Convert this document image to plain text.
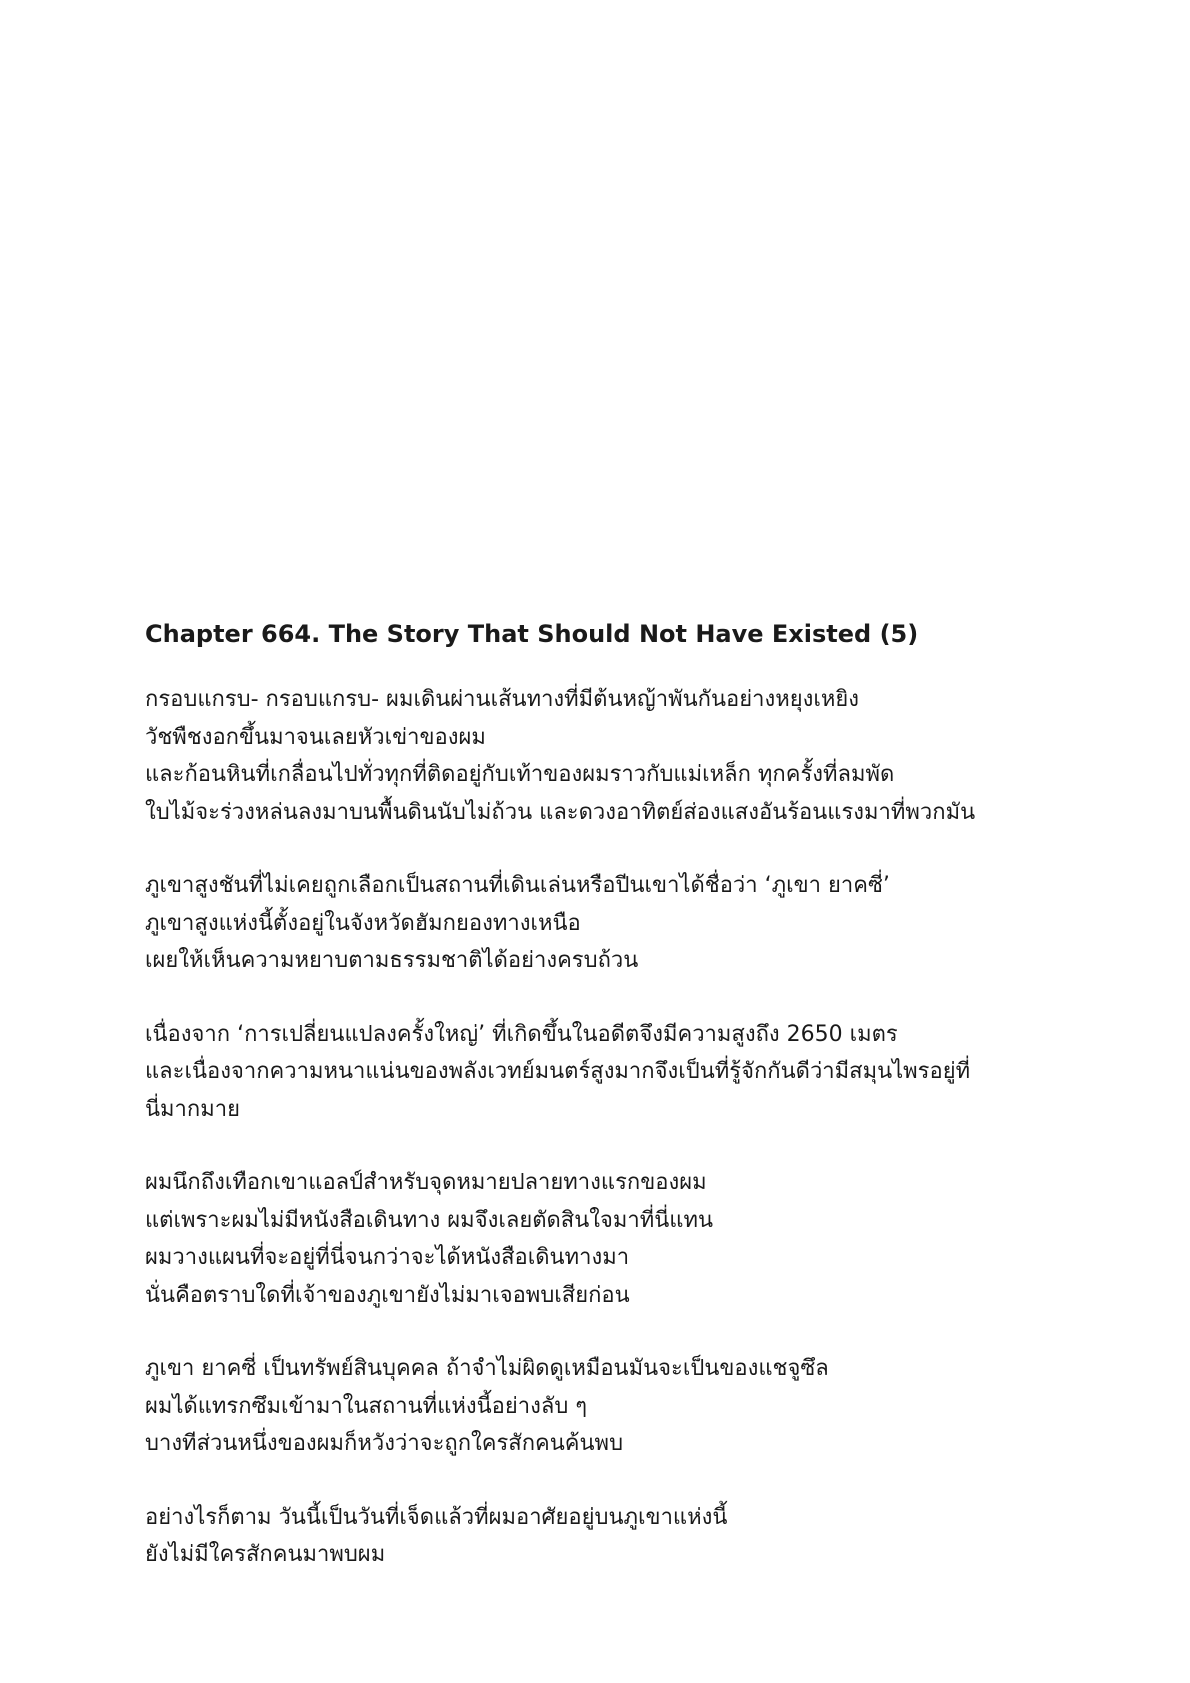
Chapter 664. The Story That Should Not Have Existed (5)
กรอบแกรบ- กรอบแกรบ- ผมเดินผ่านเส้นทางที่มีต้นหญ้าพันกันอย่างหยุงเหยิง
วัชพืชงอกขึ้นมาจนเลยหัวเข่าของผม
และก้อนหินที่เกลื่อนไปทั่วทุกที่ติดอยู่กับเท้าของผมราวกับแม่เหล็ก ทุกครั้งที่ลมพัด
ใบไม้จะร่วงหล่นลงมาบนพื้นดินนับไม่ถ้วน และดวงอาทิตย์ส่องแสงอันร้อนแรงมาที่พวกมัน
ภูเขาสูงชันที่ไม่เคยถูกเลือกเป็นสถานที่เดินเล่นหรือปีนเขาได้ชื่อว่า ‘ภูเขา ยาคซี่’
ภูเขาสูงแห่งนี้ตั้งอยู่ในจังหวัดฮัมกยองทางเหนือ
เผยให้เห็นความหยาบตามธรรมชาติได้อย่างครบถ้วน
เนื่องจาก ‘การเปลี่ยนแปลงครั้งใหญ่’ ที่เกิดขึ้นในอดีตจึงมีความสูงถึง 2650 เมตร
และเนื่องจากความหนาแน่นของพลังเวทย์มนตร์สูงมากจึงเป็นที่รู้จักกันดีว่ามีสมุนไพรอยู่ที่
นี่มากมาย
ผมนึกถึงเทือกเขาแอลป์สำหรับจุดหมายปลายทางแรกของผม
แต่เพราะผมไม่มีหนังสือเดินทาง ผมจึงเลยตัดสินใจมาที่นี่แทน
ผมวางแผนที่จะอยู่ที่นี่จนกว่าจะได้หนังสือเดินทางมา
นั่นคือตราบใดที่เจ้าของภูเขายังไม่มาเจอพบเสียก่อน
ภูเขา ยาคซี่ เป็นทรัพย์สินบุคคล ถ้าจำไม่ผิดดูเหมือนมันจะเป็นของแชจูซึล
ผมได้แทรกซึมเข้ามาในสถานที่แห่งนี้อย่างลับ ๆ
บางทีส่วนหนึ่งของผมก็หวังว่าจะถูกใครสักคนค้นพบ
อย่างไรก็ตาม วันนี้เป็นวันที่เจ็ดแล้วที่ผมอาศัยอยู่บนภูเขาแห่งนี้
ยังไม่มีใครสักคนมาพบผม
